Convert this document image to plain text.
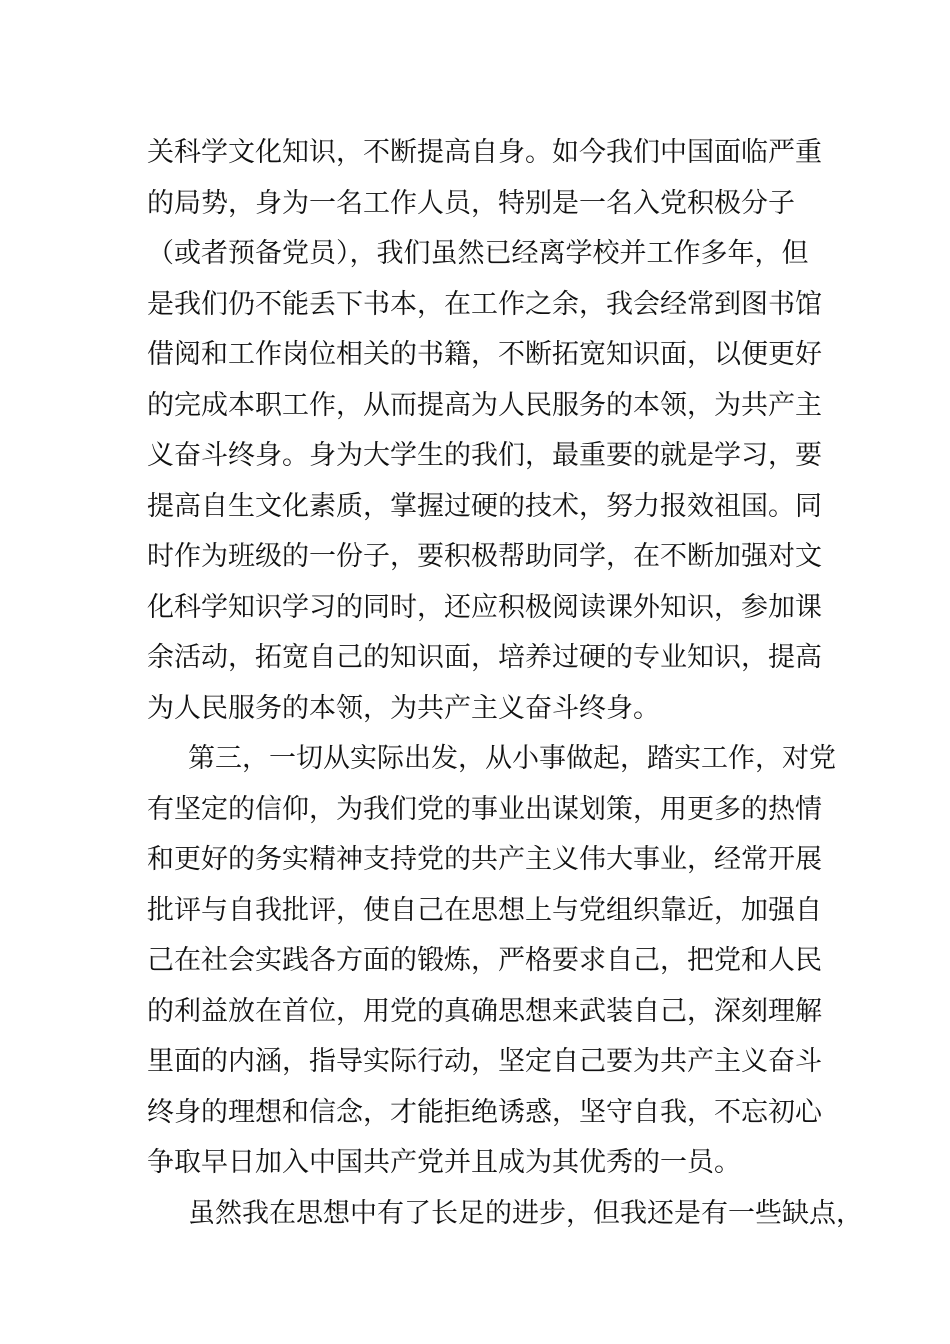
关科学文化知识，不断提高自身。如今我们中国面临严重
的局势，身为一名工作人员，特别是一名入党积极分子
（或者预备党员），我们虽然已经离学校并工作多年，但
是我们仍不能丢下书本，在工作之余，我会经常到图书馆
借阅和工作岗位相关的书籍，不断拓宽知识面，以便更好
的完成本职工作，从而提高为人民服务的本领，为共产主
义奋斗终身。身为大学生的我们，最重要的就是学习，要
提高自生文化素质，掌握过硬的技术，努力报效祖国。同
时作为班级的一份子，要积极帮助同学，在不断加强对文
化科学知识学习的同时，还应积极阅读课外知识，参加课
余活动，拓宽自己的知识面，培养过硬的专业知识，提高
为人民服务的本领，为共产主义奋斗终身。
第三，一切从实际出发，从小事做起，踏实工作，对党
有坚定的信仰，为我们党的事业出谋划策，用更多的热情
和更好的务实精神支持党的共产主义伟大事业，经常开展
批评与自我批评，使自己在思想上与党组织靠近，加强自
己在社会实践各方面的锻炼，严格要求自己，把党和人民
的利益放在首位，用党的真确思想来武装自己，深刻理解
里面的内涵，指导实际行动，坚定自己要为共产主义奋斗
终身的理想和信念，才能拒绝诱惑，坚守自我，不忘初心
争取早日加入中国共产党并且成为其优秀的一员。
虽然我在思想中有了长足的进步，但我还是有一些缺点，
